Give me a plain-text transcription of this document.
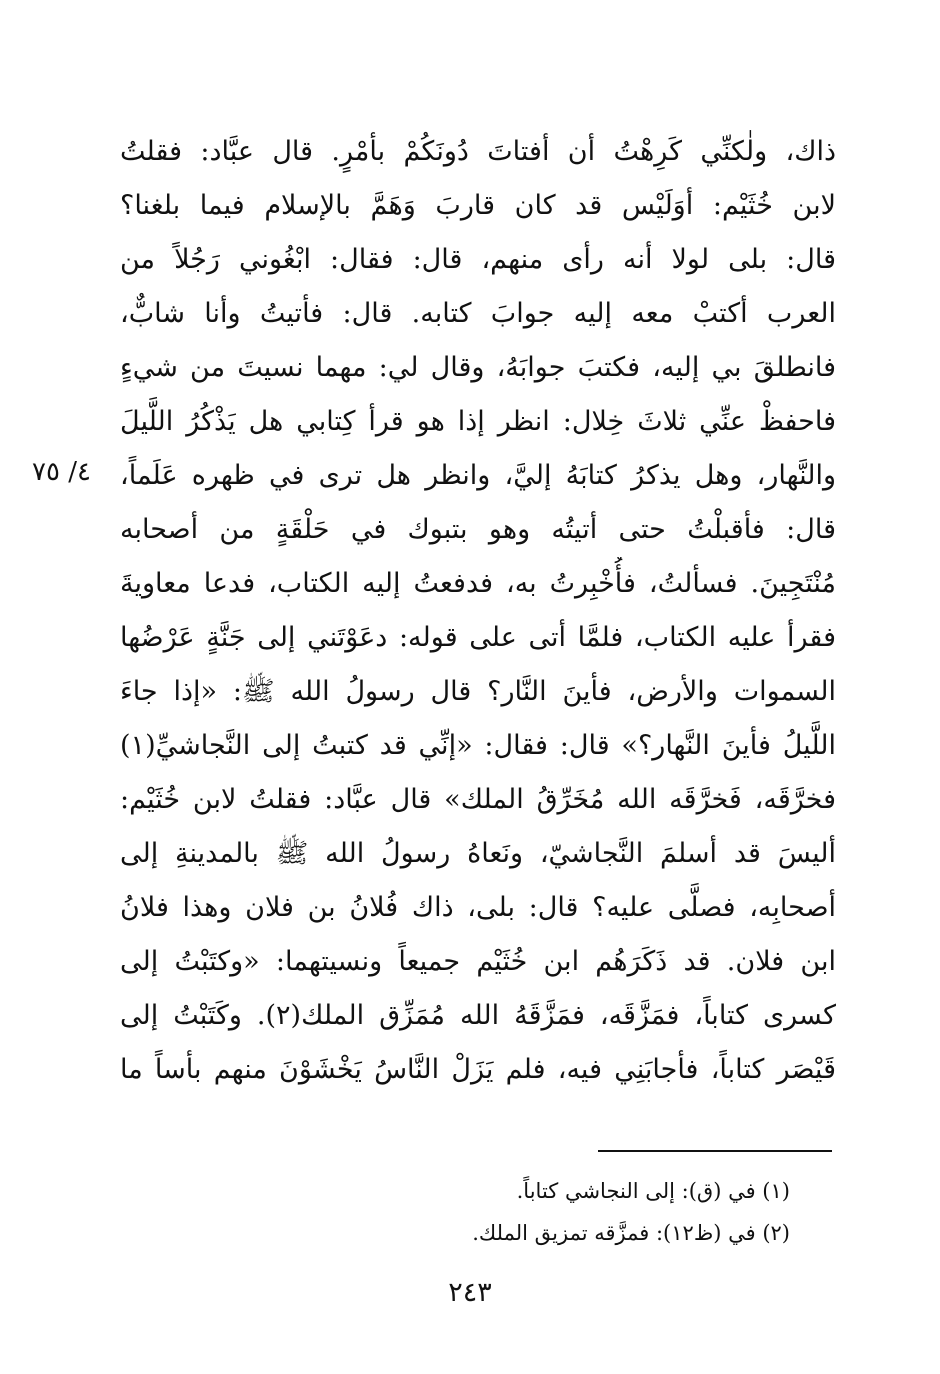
ذاك، ولٰكنِّي كَرِهْتُ أن أفتاتَ دُونَكُمْ بأمْرٍ. قال عبَّاد: فقلتُ
لابن خُثَيْم: أوَلَيْس قد كان قاربَ وَهَمَّ بالإسلام فيما بلغنا؟
قال: بلى لولا أنه رأى منهم، قال: فقال: ابْغُوني رَجُلاً من
العرب أكتبْ معه إليه جوابَ كتابه. قال: فأتيتُ وأنا شابٌّ،
فانطلقَ بي إليه، فكتبَ جوابَهُ، وقال لي: مهما نسيتَ من شيءٍ
فاحفظْ عنِّي ثلاثَ خِلال: انظر إذا هو قرأ كِتابي هل يَذْكُرُ اللَّيلَ
والنَّهار، وهل يذكرُ كتابَهُ إليَّ، وانظر هل ترى في ظهره عَلَماً،
قال: فأقبلْتُ حتى أتيتُه وهو بتبوك في حَلْقَةٍ من أصحابه
مُنْتَجِينَ. فسألتُ، فأُخْبِرتُ به، فدفعتُ إليه الكتاب، فدعا معاويةَ
فقرأ عليه الكتاب، فلمَّا أتى على قوله: دعَوْتَني إلى جَنَّةٍ عَرْضُها
السموات والأرض، فأينَ النَّار؟ قال رسولُ الله ﷺ: «إذا جاءَ
اللَّيلُ فأينَ النَّهار؟» قال: فقال: «إنِّي قد كتبتُ إلى النَّجاشيِّ(١)
فخرَّقَه، فَخرَّقَه الله مُخَرِّقُ الملك» قال عبَّاد: فقلتُ لابن خُثَيْم:
أليسَ قد أسلمَ النَّجاشيّ، ونَعاهُ رسولُ الله ﷺ بالمدينةِ إلى
أصحابِه، فصلَّى عليه؟ قال: بلى، ذاك فُلانُ بن فلان وهذا فلانُ
ابن فلان. قد ذَكَرَهُم ابن خُثَيْم جميعاً ونسيتهما: «وكتَبْتُ إلى
كسرى كتاباً، فمَزَّقَه، فمَزَّقَهُ الله مُمَزِّق الملك(٢). وكَتَبْتُ إلى
قَيْصَر كتاباً، فأجابَنِي فيه، فلم يَزَلْ النَّاسُ يَخْشَوْنَ منهم بأساً ما
٤/ ٧٥
(١) في (ق): إلى النجاشي كتاباً.
(٢) في (ظ١٢): فمزَّقه تمزيق الملك.
٢٤٣
